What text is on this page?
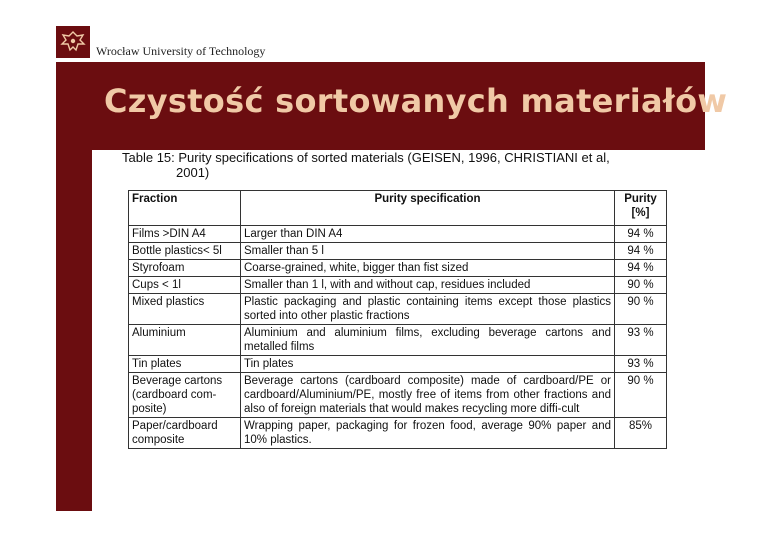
Wrocław University of Technology
Czystość sortowanych materiałów
Table 15: Purity specifications of sorted materials (GEISEN, 1996, CHRISTIANI et al,
2001)
Fraction	Purity specification	Purity [%]
Films >DIN A4	Larger than DIN A4	94 %
Bottle plastics< 5l	Smaller than 5 l	94 %
Styrofoam	Coarse-grained, white, bigger than fist sized	94 %
Cups < 1l	Smaller than 1 l, with and without cap, residues included	90 %
Mixed plastics	Plastic packaging and plastic containing items except those plastics sorted into other plastic fractions	90 %
Aluminium	Aluminium and aluminium films, excluding beverage cartons and metalled films	93 %
Tin plates	Tin plates	93 %
Beverage cartons (cardboard com-posite)	Beverage cartons (cardboard composite) made of cardboard/PE or cardboard/Aluminium/PE, mostly free of items from other fractions and also of foreign materials that would makes recycling more diffi-cult	90 %
Paper/cardboard composite	Wrapping paper, packaging for frozen food, average 90% paper and 10% plastics.	85%
